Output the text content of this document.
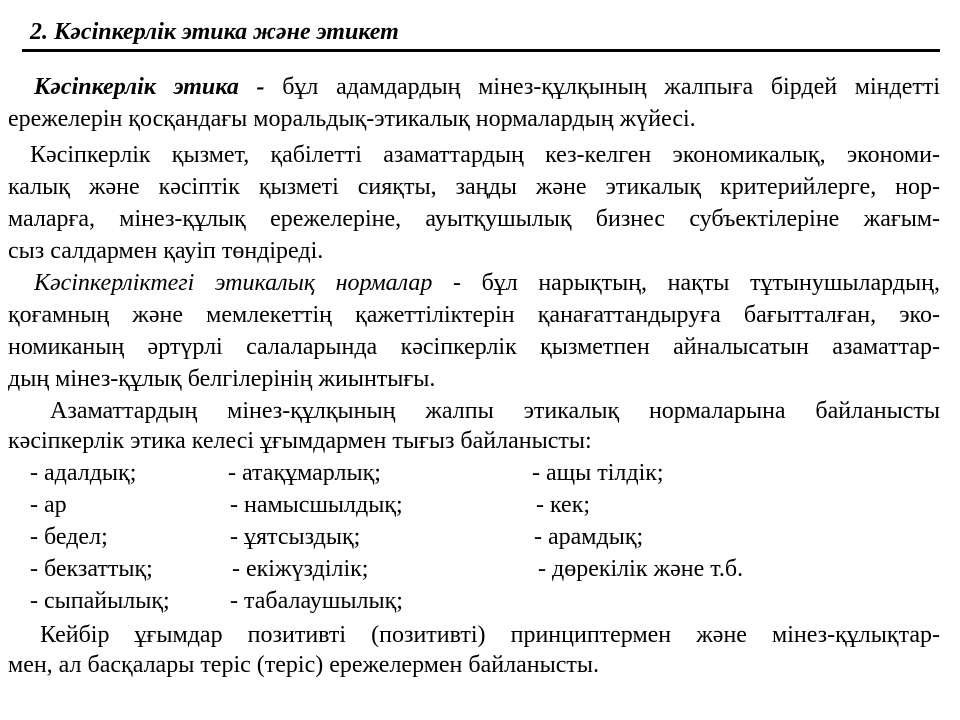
2. Кәсіпкерлік этика және этикет
Кәсіпкерлік этика - бұл адамдардың мінез-құлқының жалпыға бірдей міндетті
ережелерін қосқандағы моральдық-этикалық нормалардың жүйесі.
Кәсіпкерлік қызмет, қабілетті азаматтардың кез-келген экономикалық, экономи-
калық және кәсіптік қызметі сияқты, заңды және этикалық критерийлерге, нор-
маларға, мінез-құлық ережелеріне, ауытқушылық бизнес субъектілеріне жағым-
сыз салдармен қауіп төндіреді.
Кәсіпкерліктегі этикалық нормалар - бұл нарықтың, нақты тұтынушылардың,
қоғамның және мемлекеттің қажеттіліктерін қанағаттандыруға бағытталған, эко-
номиканың әртүрлі салаларында кәсіпкерлік қызметпен айналысатын азаматтар-
дың мінез-құлық белгілерінің жиынтығы.
Азаматтардың мінез-құлқының жалпы этикалық нормаларына байланысты
кәсіпкерлік этика келесі ұғымдармен тығыз байланысты:
- адалдық;
- ар
- бедел;
- бекзаттық;
- сыпайылық;
- атақұмарлық;
- намысшылдық;
- ұятсыздық;
- екіжүзділік;
- табалаушылық;
- ащы тілдік;
- кек;
- арамдық;
- дөрекілік және т.б.
Кейбір ұғымдар позитивті (позитивті) принциптермен және мінез-құлықтар-
мен, ал басқалары теріс (теріс) ережелермен байланысты.
